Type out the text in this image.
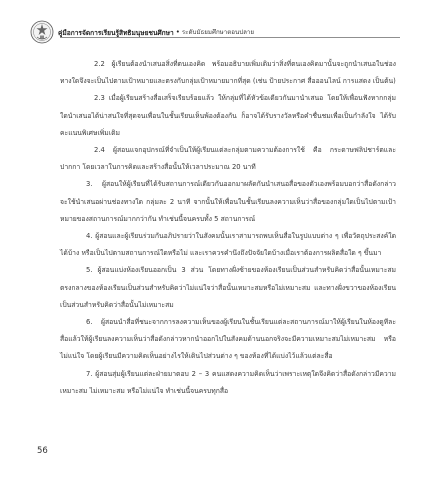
คู่มือการจัดการเรียนรู้สิทธิมนุษยชนศึกษา • ระดับมัธยมศึกษาตอนปลาย

2.2 ผู้เรียนต้องนำเสนอสิ่งที่ตนเองคิด พร้อมอธิบายเพิ่มเติมว่าสิ่งที่ตนเองคิดมานั้นจะถูกนำเสนอในช่องทางใดจึงจะเป็นไปตามเป้าหมายและตรงกับกลุ่มเป้าหมายมากที่สุด (เช่น ป้ายประกาศ สื่อออนไลน์ การแสดง เป็นต้น)

2.3 เมื่อผู้เรียนสร้างสื่อเสร็จเรียบร้อยแล้ว ให้กลุ่มที่ได้หัวข้อเดียวกันมานำเสนอ โดยให้เพื่อนฟังหากกลุ่มใดนำเสนอได้น่าสนใจที่สุดจนเพื่อนในชั้นเรียนเห็นพ้องต้องกัน ก็อาจได้รับรางวัลหรือคำชื่นชมเพื่อเป็นกำลังใจ ได้รับคะแนนพิเศษเพิ่มเติม

2.4 ผู้สอนแจกอุปกรณ์ที่จำเป็นให้ผู้เรียนแต่ละกลุ่มตามความต้องการใช้ คือ กระดาษฟลิปชาร์ตและปากกา โดยเวลาในการคิดและสร้างสื่อนั้นให้เวลาประมาณ 20 นาที

3. ผู้สอนให้ผู้เรียนที่ได้รับสถานการณ์เดียวกันออกมาผลัดกันนำเสนอสื่อของตัวเองพร้อมบอกว่าสื่อดังกล่าวจะใช้นำเสนอผ่านช่องทางใด กลุ่มละ 2 นาที จากนั้นให้เพื่อนในชั้นเรียนลงความเห็นว่าสื่อของกลุ่มใดเป็นไปตามเป้าหมายของสถานการณ์มากกว่ากัน ทำเช่นนี้จนครบทั้ง 5 สถานการณ์

4. ผู้สอนและผู้เรียนร่วมกันอภิปรายว่าในสังคมนั้นเราสามารถพบเห็นสื่อในรูปแบบต่าง ๆ เพื่อวัตถุประสงค์ใดได้บ้าง หรือเป็นไปตามสถานการณ์ใดหรือไม่ และเราควรคำนึงถึงปัจจัยใดบ้างเมื่อเราต้องการผลิตสื่อใด ๆ ขึ้นมา

5. ผู้สอนแบ่งห้องเรียนออกเป็น 3 ส่วน โดยทางฝั่งซ้ายของห้องเรียนเป็นส่วนสำหรับคิดว่าสื่อนั้นเหมาะสมตรงกลางของห้องเรียนเป็นส่วนสำหรับคิดว่าไม่แน่ใจว่าสื่อนั้นเหมาะสมหรือไม่เหมาะสม และทางฝั่งขวาของห้องเรียนเป็นส่วนสำหรับคิดว่าสื่อนั้นไม่เหมาะสม

6. ผู้สอนนำสื่อที่ชนะจากการลงความเห็นของผู้เรียนในชั้นเรียนแต่ละสถานการณ์มาให้ผู้เรียนในห้องดูทีละสื่อแล้วให้ผู้เรียนลงความเห็นว่าสื่อดังกล่าวหากนำออกไปในสังคมด้านนอกจริงจะมีความเหมาะสมไม่เหมาะสม หรือไม่แน่ใจ โดยผู้เรียนมีความคิดเห็นอย่างไรให้เดินไปส่วนต่าง ๆ ของห้องที่ได้แบ่งไว้แล้วแต่ละสื่อ

7. ผู้สอนสุ่มผู้เรียนแต่ละฝ่ายมาตอบ 2 – 3 คนแสดงความคิดเห็นว่าเพราะเหตุใดจึงคิดว่าสื่อดังกล่าวมีความเหมาะสม ไม่เหมาะสม หรือไม่แน่ใจ ทำเช่นนี้จนครบทุกสื่อ

56
